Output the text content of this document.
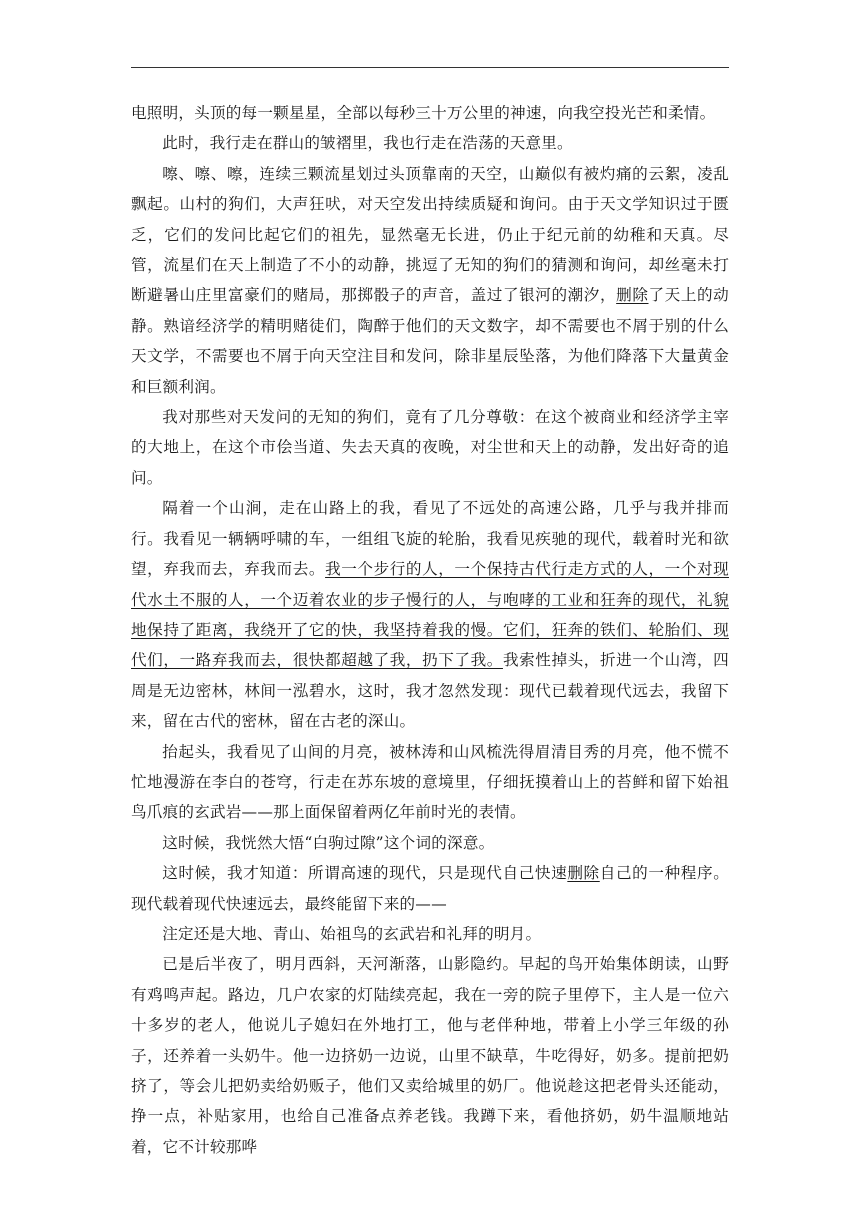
电照明，头顶的每一颗星星，全部以每秒三十万公里的神速，向我空投光芒和柔情。

此时，我行走在群山的皱褶里，我也行走在浩荡的天意里。

嚓、嚓、嚓，连续三颗流星划过头顶靠南的天空，山巅似有被灼痛的云絮，凌乱飘起。山村的狗们，大声狂吠，对天空发出持续质疑和询问。由于天文学知识过于匮乏，它们的发问比起它们的祖先，显然毫无长进，仍止于纪元前的幼稚和天真。尽管，流星们在天上制造了不小的动静，挑逗了无知的狗们的猜测和询问，却丝毫未打断避暑山庄里富豪们的赌局，那掷骰子的声音，盖过了银河的潮汐，删除了天上的动静。熟谙经济学的精明赌徒们，陶醉于他们的天文数字，却不需要也不屑于别的什么天文学，不需要也不屑于向天空注目和发问，除非星辰坠落，为他们降落下大量黄金和巨额利润。

我对那些对天发问的无知的狗们，竟有了几分尊敬：在这个被商业和经济学主宰的大地上，在这个市侩当道、失去天真的夜晚，对尘世和天上的动静，发出好奇的追问。

隔着一个山涧，走在山路上的我，看见了不远处的高速公路，几乎与我并排而行。我看见一辆辆呼啸的车，一组组飞旋的轮胎，我看见疾驰的现代，载着时光和欲望，弃我而去，弃我而去。我一个步行的人，一个保持古代行走方式的人，一个对现代水土不服的人，一个迈着农业的步子慢行的人，与咆哮的工业和狂奔的现代，礼貌地保持了距离，我绕开了它的快，我坚持着我的慢。它们，狂奔的铁们、轮胎们、现代们，一路弃我而去，很快都超越了我，扔下了我。我索性掉头，折进一个山湾，四周是无边密林，林间一泓碧水，这时，我才忽然发现：现代已载着现代远去，我留下来，留在古代的密林，留在古老的深山。

抬起头，我看见了山间的月亮，被林涛和山风梳洗得眉清目秀的月亮，他不慌不忙地漫游在李白的苍穹，行走在苏东坡的意境里，仔细抚摸着山上的苔鲜和留下始祖鸟爪痕的玄武岩——那上面保留着两亿年前时光的表情。

这时候，我恍然大悟“白驹过隙”这个词的深意。

这时候，我才知道：所谓高速的现代，只是现代自己快速删除自己的一种程序。现代载着现代快速远去，最终能留下来的——

注定还是大地、青山、始祖鸟的玄武岩和礼拜的明月。

已是后半夜了，明月西斜，天河渐落，山影隐约。早起的鸟开始集体朗读，山野有鸡鸣声起。路边，几户农家的灯陆续亮起，我在一旁的院子里停下，主人是一位六十多岁的老人，他说儿子媳妇在外地打工，他与老伴种地，带着上小学三年级的孙子，还养着一头奶牛。他一边挤奶一边说，山里不缺草，牛吃得好，奶多。提前把奶挤了，等会儿把奶卖给奶贩子，他们又卖给城里的奶厂。他说趁这把老骨头还能动，挣一点，补贴家用，也给自己准备点养老钱。我蹲下来，看他挤奶，奶牛温顺地站着，它不计较那哗
